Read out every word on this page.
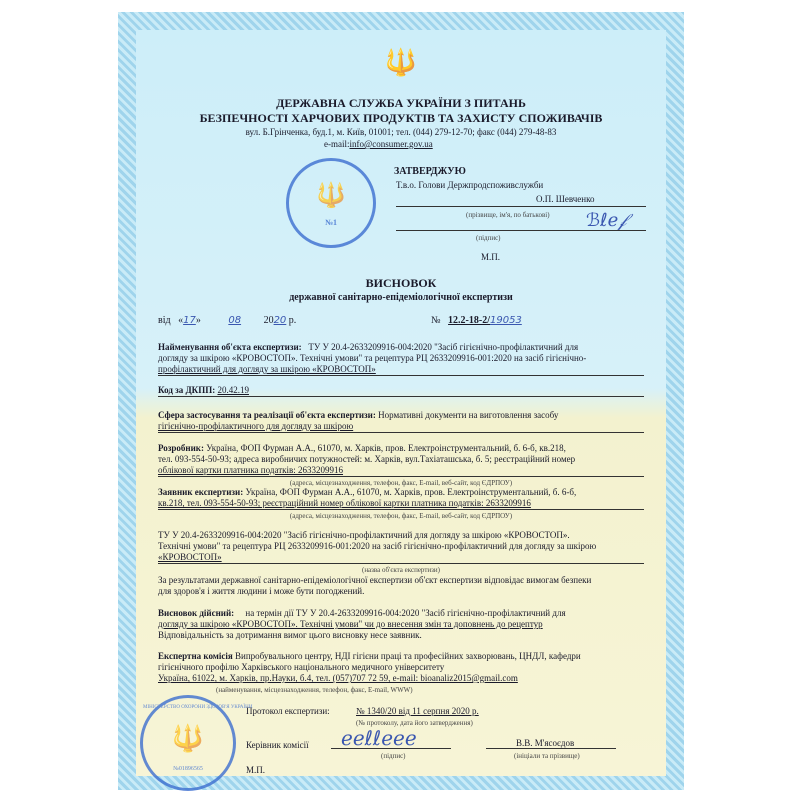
🔱
ДЕРЖАВНА СЛУЖБА УКРАЇНИ З ПИТАНЬ
БЕЗПЕЧНОСТІ ХАРЧОВИХ ПРОДУКТІВ ТА ЗАХИСТУ СПОЖИВАЧІВ
вул. Б.Грінченка, буд.1, м. Київ, 01001; тел. (044) 279-12-70; факс (044) 279-48-83
e-mail:info@consumer.gov.ua
ЗАТВЕРДЖУЮ
Т.в.о. Голови Держпродспоживслужби
О.П. Шевченко
(прізвище, ім'я, по батькові)
(підпис)
М.П.
ℬℓℯ𝒻
№1
🔱
ВИСНОВОК
державної санітарно-епідеміологічної експертизи
від   «17»   08 2020 р.	№ 12.2-18-2/19053
Найменування об'єкта експертизи: ТУ У 20.4-2633209916-004:2020 "Засіб гігієнічно-профілактичний для
догляду за шкірою «КРОВОСТОП». Технічні умови" та рецептура РЦ 2633209916-001:2020 на засіб гігієнічно-
профілактичний для догляду за шкірою «КРОВОСТОП»
Код за ДКПП: 20.42.19
Сфера застосування та реалізації об'єкта експертизи: Нормативні документи на виготовлення засобу
гігієнічно-профілактичного для догляду за шкірою
Розробник: Україна, ФОП Фурман А.А., 61070, м. Харків, пров. Електроінструментальний, б. 6-б, кв.218,
тел. 093-554-50-93; адреса виробничих потужностей: м. Харків, вул.Тахіаташська, б. 5; реєстраційний номер
облікової картки платника податків: 2633209916
(адреса, місцезнаходження, телефон, факс, E-mail, веб-сайт, код ЄДРПОУ)
Заявник експертизи: Україна, ФОП Фурман А.А., 61070, м. Харків, пров. Електроінструментальний, б. 6-б,
кв.218, тел. 093-554-50-93; реєстраційний номер облікової картки платника податків: 2633209916
(адреса, місцезнаходження, телефон, факс, E-mail, веб-сайт, код ЄДРПОУ)
ТУ У 20.4-2633209916-004:2020 "Засіб гігієнічно-профілактичний для догляду за шкірою «КРОВОСТОП».
Технічні умови" та рецептура РЦ 2633209916-001:2020 на засіб гігієнічно-профілактичний для догляду за шкірою
«КРОВОСТОП»
(назва об'єкта експертизи)
За результатами державної санітарно-епідеміологічної експертизи об'єкт експертизи відповідає вимогам безпеки
для здоров'я і життя людини і може бути погоджений.
Висновок дійсний: на термін дії ТУ У 20.4-2633209916-004:2020 "Засіб гігієнічно-профілактичний для
догляду за шкірою «КРОВОСТОП». Технічні умови" чи до внесення змін та доповнень до рецептур
Відповідальність за дотримання вимог цього висновку несе заявник.
Експертна комісія Випробувального центру, НДІ гігієни праці та професійних захворювань, ЦНДЛ, кафедри
гігієнічного профілю Харківського національного медичного університету
Україна, 61022, м. Харків, пр.Науки, б.4, тел. (057)707 72 59, e-mail: bioanaliz2015@gmail.com
(найменування, місцезнаходження, телефон, факс, E-mail, WWW)
Протокол експертизи:	№ 1340/20 від 11 серпня 2020 р.
(№ протоколу, дата його затвердження)
Керівник комісії
(підпис)
В.В. М'ясоєдов
(ініціали та прізвище)
М.П.
ℯℯℓℓℯℯℯ
🔱
№01896565
МІНІСТЕРСТВО ОХОРОНИ ЗДОРОВ'Я УКРАЇНИ
